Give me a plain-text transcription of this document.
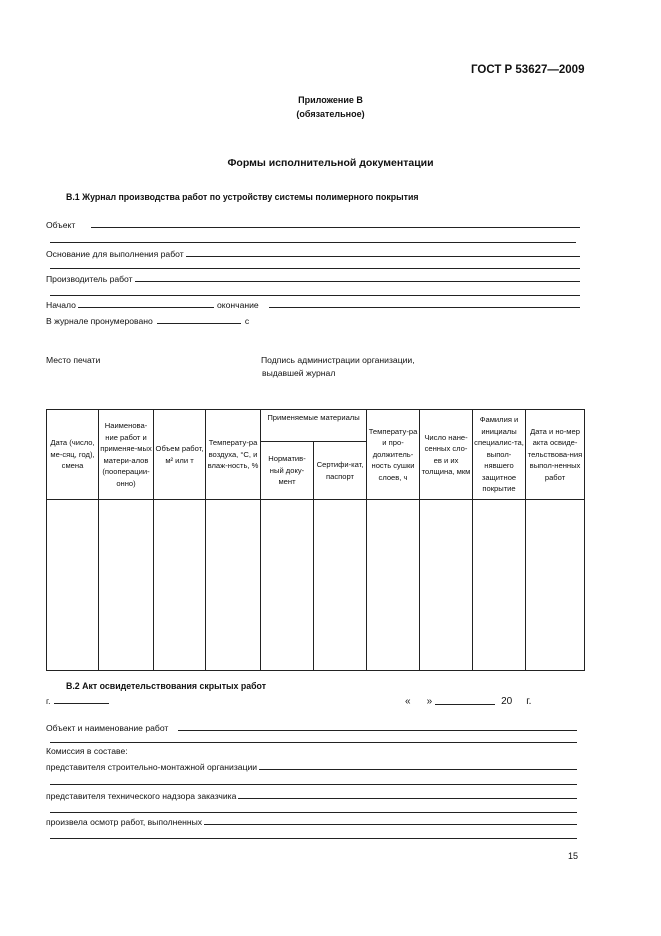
ГОСТ Р 53627—2009
Приложение В
(обязательное)
Формы исполнительной документации
В.1 Журнал производства работ по устройству системы полимерного покрытия
Объект
Основание для выполнения работ
Производитель работ
Начало	окончание
В журнале пронумеровано	с
Место печати	Подпись администрации организации,
выдавшей журнал
Дата (число, ме-сяц, год), смена	Наименова-ние работ и применяе-мых матери-алов (пооперации-онно)	Объем работ, м² или т	Температу-ра воздуха, °С, и влаж-ность, %	Применяемые материалы		Температу-ра и про-должитель-ность сушки слоев, ч	Число нане-сенных сло-ев и их толщина, мкм	Фамилия и инициалы специалис-та, выпол-нявшего защитное покрытие	Дата и но-мер акта освиде-тельствова-ния выпол-ненных работ
				Норматив-ный доку-мент	Сертифи-кат, паспорт				

В.2 Акт освидетельствования скрытых работ
г.	« »	20 г.
Объект и наименование работ
Комиссия в составе:
представителя строительно-монтажной организации
представителя технического надзора заказчика
произвела осмотр работ, выполненных
15
